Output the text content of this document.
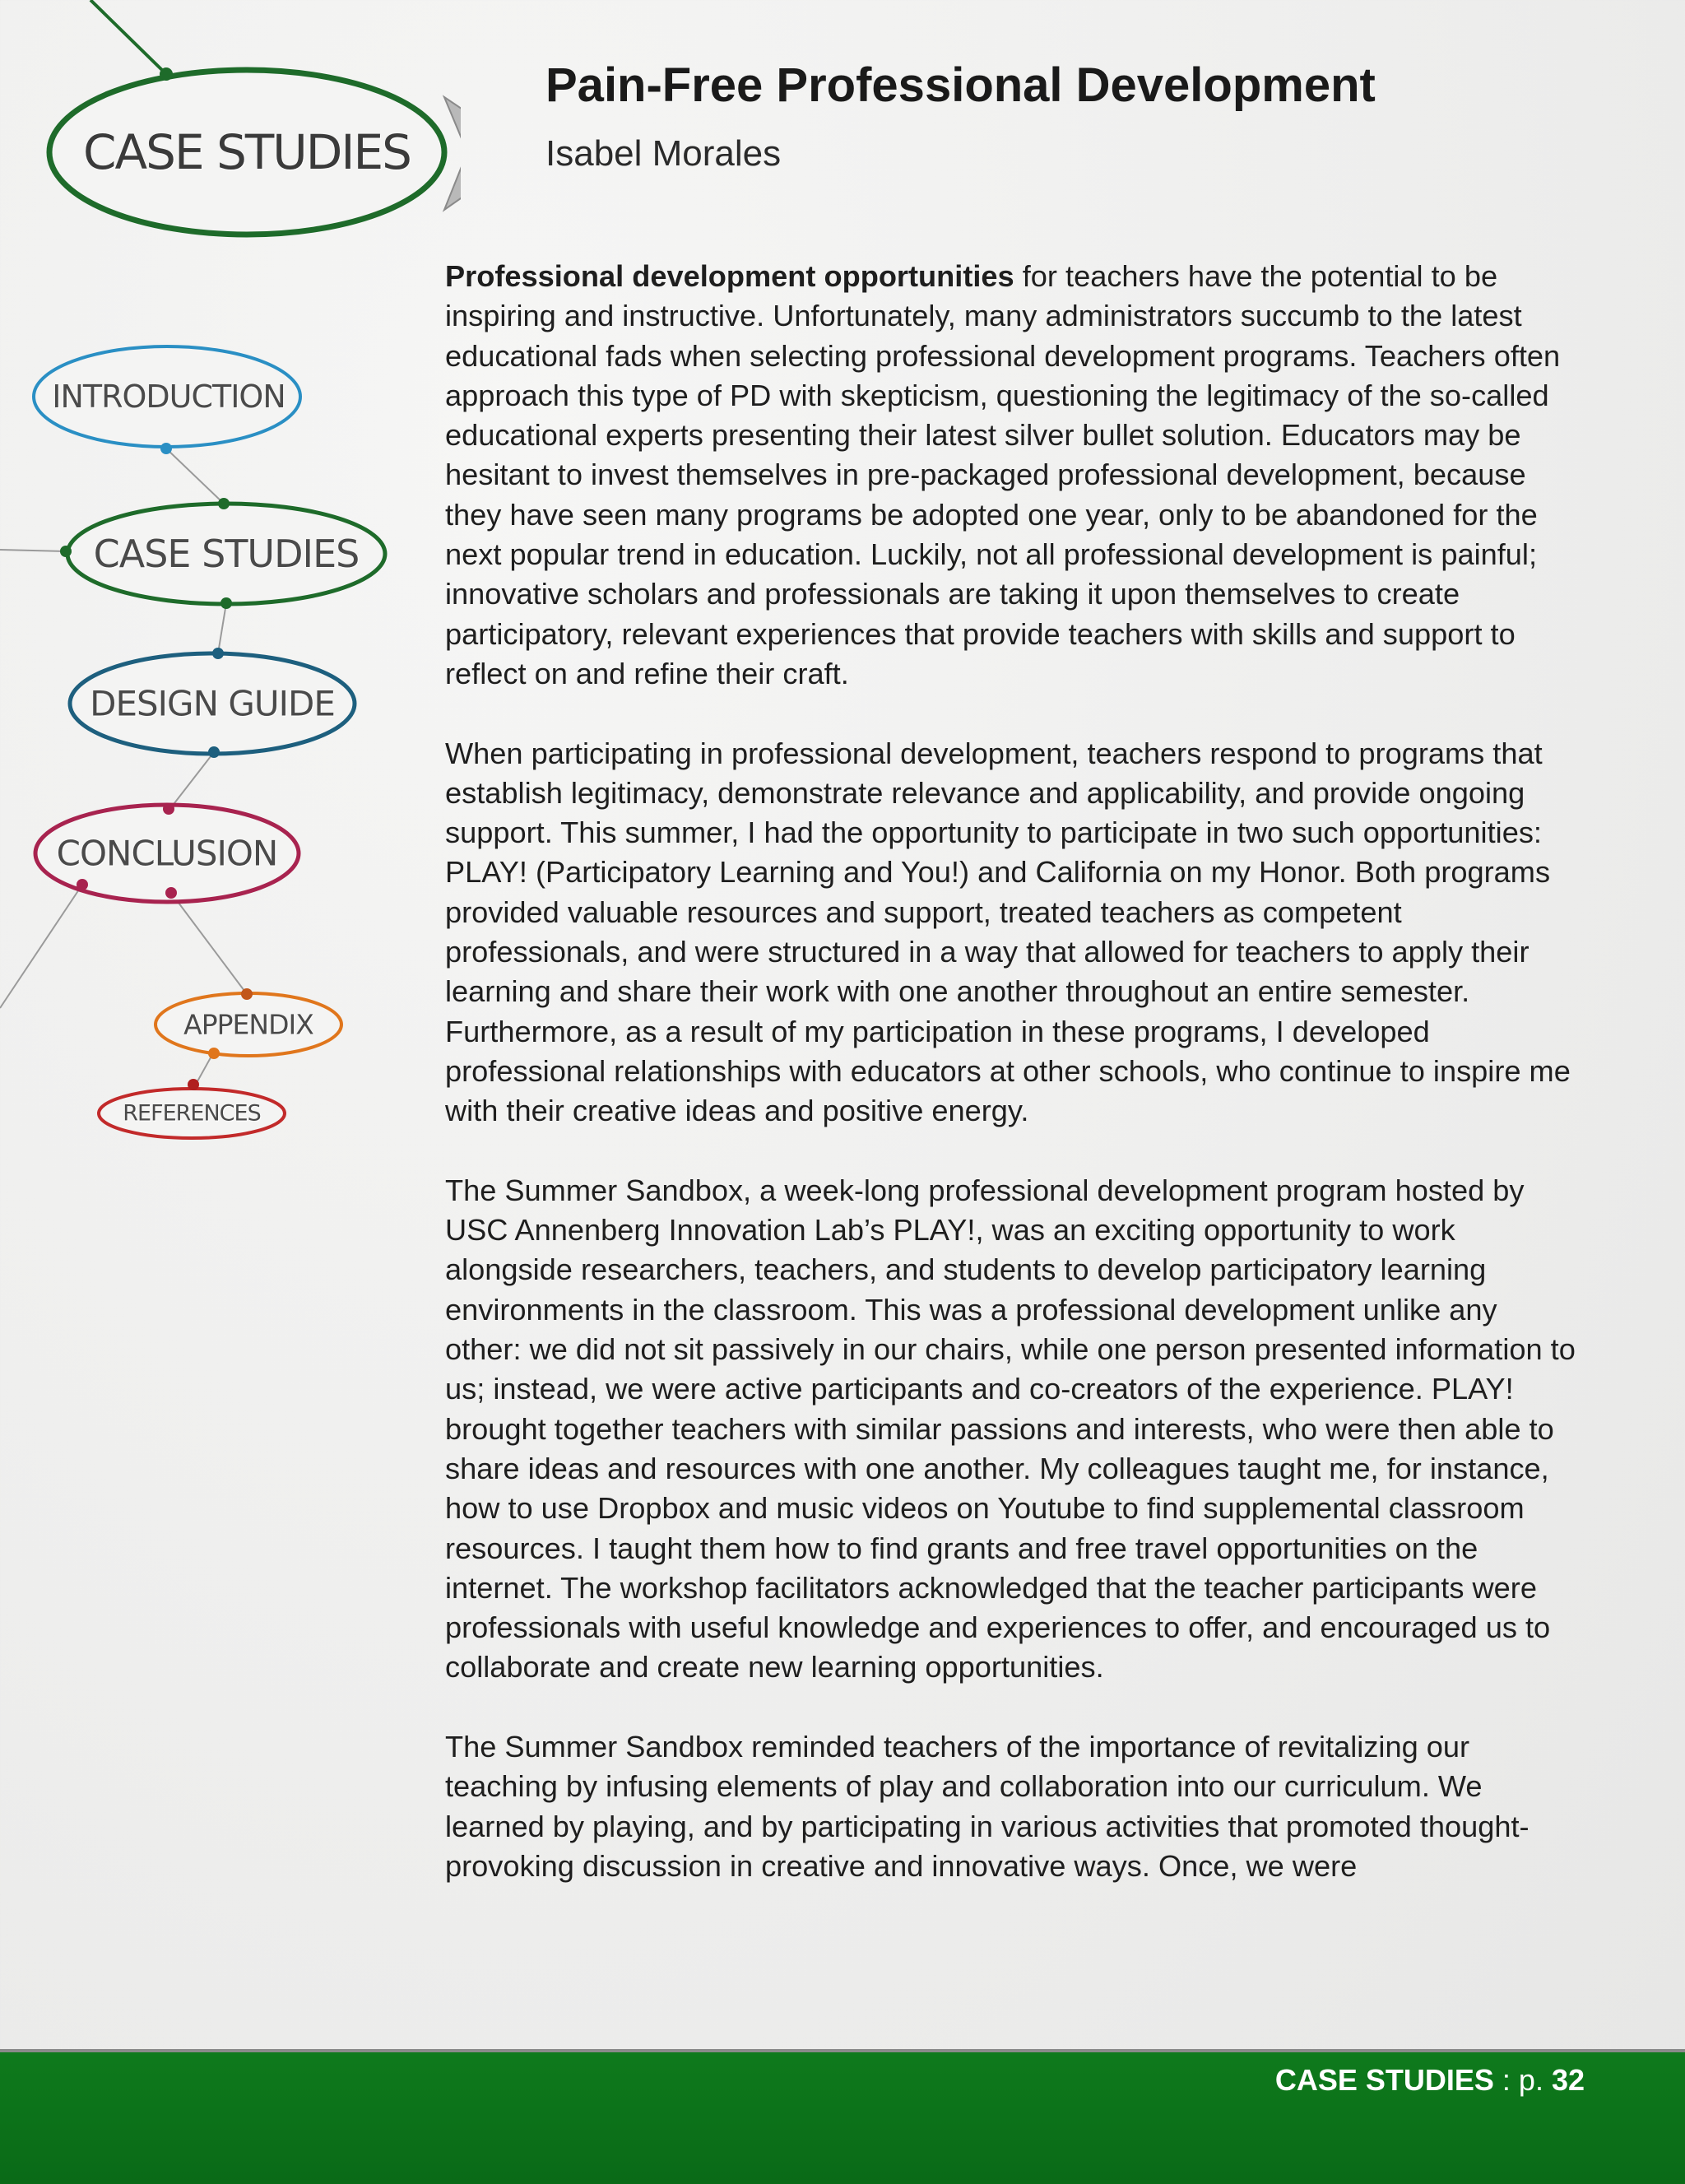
CASE STUDIES
INTRODUCTION
CASE STUDIES
DESIGN GUIDE
CONCLUSION
APPENDIX
REFERENCES
Pain-Free Professional Development
Isabel Morales

Professional development opportunities for teachers have the potential to be inspiring and instructive. Unfortunately, many administrators succumb to the latest educational fads when selecting professional development programs. Teachers often approach this type of PD with skepticism, questioning the legitimacy of the so-called educational experts presenting their latest silver bullet solution. Educators may be hesitant to invest themselves in pre-packaged professional development, because they have seen many programs be adopted one year, only to be abandoned for the next popular trend in education. Luckily, not all professional development is painful; innovative scholars and professionals are taking it upon themselves to create participatory, relevant experiences that provide teachers with skills and support to reflect on and refine their craft.

When participating in professional development, teachers respond to programs that establish legitimacy, demonstrate relevance and applicability, and provide ongoing support. This summer, I had the opportunity to participate in two such opportunities: PLAY! (Participatory Learning and You!) and California on my Honor. Both programs provided valuable resources and support, treated teachers as competent professionals, and were structured in a way that allowed for teachers to apply their learning and share their work with one another throughout an entire semester. Furthermore, as a result of my participation in these programs, I developed professional relationships with educators at other schools, who continue to inspire me with their creative ideas and positive energy.

The Summer Sandbox, a week-long professional development program hosted by USC Annenberg Innovation Lab’s PLAY!, was an exciting opportunity to work alongside researchers, teachers, and students to develop participatory learning environments in the classroom. This was a professional development unlike any other: we did not sit passively in our chairs, while one person presented information to us; instead, we were active participants and co-creators of the experience. PLAY! brought together teachers with similar passions and interests, who were then able to share ideas and resources with one another. My colleagues taught me, for instance, how to use Dropbox and music videos on Youtube to find supplemental classroom resources. I taught them how to find grants and free travel opportunities on the internet. The workshop facilitators acknowledged that the teacher participants were professionals with useful knowledge and experiences to offer, and encouraged us to collaborate and create new learning opportunities.

The Summer Sandbox reminded teachers of the importance of revitalizing our teaching by infusing elements of play and collaboration into our curriculum. We learned by playing, and by participating in various activities that promoted thought-provoking discussion in creative and innovative ways. Once, we were

CASE STUDIES : p. 32
